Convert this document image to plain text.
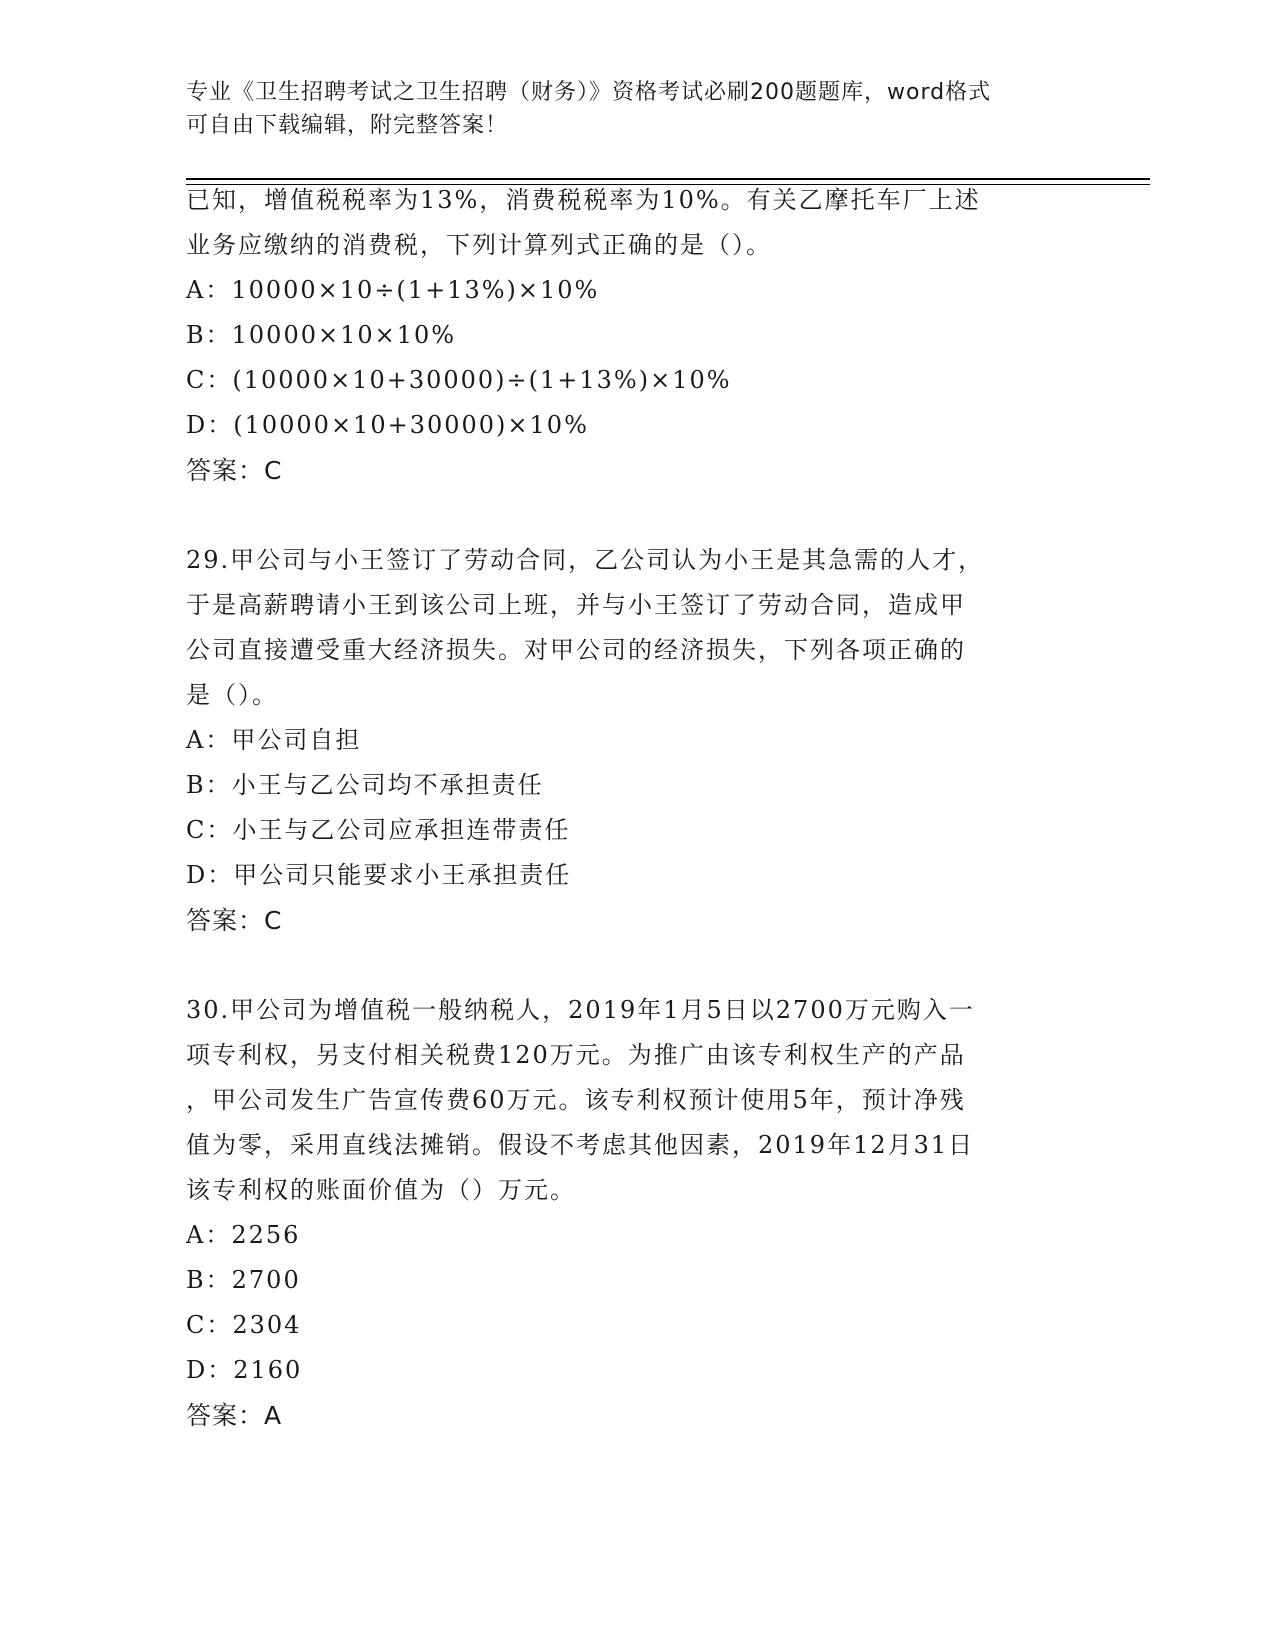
专业《卫生招聘考试之卫生招聘（财务）》资格考试必刷200题题库，word格式
可自由下载编辑，附完整答案！
已知，增值税税率为13%，消费税税率为10%。有关乙摩托车厂上述
业务应缴纳的消费税，下列计算列式正确的是（）。
A：10000×10÷(1+13%)×10%
B：10000×10×10%
C：(10000×10+30000)÷(1+13%)×10%
D：(10000×10+30000)×10%
答案：C
29.甲公司与小王签订了劳动合同，乙公司认为小王是其急需的人才，
于是高薪聘请小王到该公司上班，并与小王签订了劳动合同，造成甲
公司直接遭受重大经济损失。对甲公司的经济损失，下列各项正确的
是（）。
A：甲公司自担
B：小王与乙公司均不承担责任
C：小王与乙公司应承担连带责任
D：甲公司只能要求小王承担责任
答案：C
30.甲公司为增值税一般纳税人，2019年1月5日以2700万元购入一
项专利权，另支付相关税费120万元。为推广由该专利权生产的产品
，甲公司发生广告宣传费60万元。该专利权预计使用5年，预计净残
值为零，采用直线法摊销。假设不考虑其他因素，2019年12月31日
该专利权的账面价值为（）万元。
A：2256
B：2700
C：2304
D：2160
答案：A
